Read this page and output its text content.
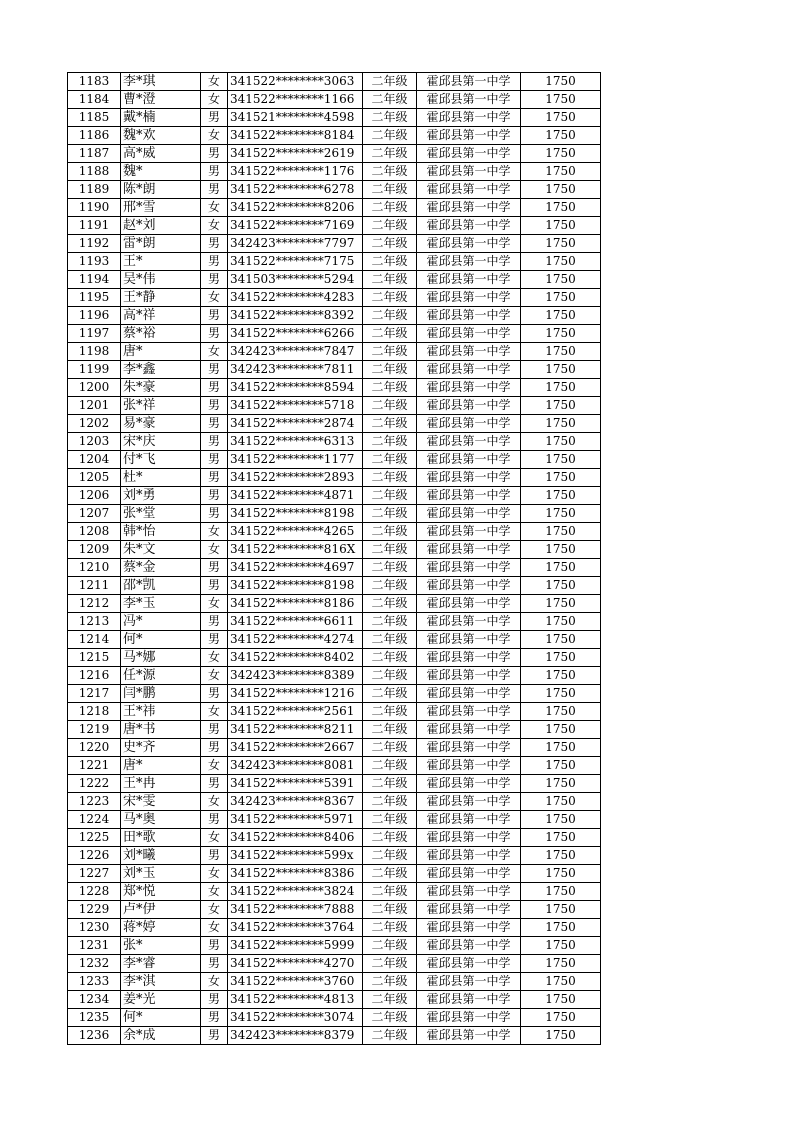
1183	李*琪	女	341522********3063	二年级	霍邱县第一中学	1750
1184	曹*澄	女	341522********1166	二年级	霍邱县第一中学	1750
1185	戴*楠	男	341521********4598	二年级	霍邱县第一中学	1750
1186	魏*欢	女	341522********8184	二年级	霍邱县第一中学	1750
1187	高*威	男	341522********2619	二年级	霍邱县第一中学	1750
1188	魏*	男	341522********1176	二年级	霍邱县第一中学	1750
1189	陈*朗	男	341522********6278	二年级	霍邱县第一中学	1750
1190	邢*雪	女	341522********8206	二年级	霍邱县第一中学	1750
1191	赵*刘	女	341522********7169	二年级	霍邱县第一中学	1750
1192	雷*朗	男	342423********7797	二年级	霍邱县第一中学	1750
1193	王*	男	341522********7175	二年级	霍邱县第一中学	1750
1194	吴*伟	男	341503********5294	二年级	霍邱县第一中学	1750
1195	王*静	女	341522********4283	二年级	霍邱县第一中学	1750
1196	高*祥	男	341522********8392	二年级	霍邱县第一中学	1750
1197	蔡*裕	男	341522********6266	二年级	霍邱县第一中学	1750
1198	唐*	女	342423********7847	二年级	霍邱县第一中学	1750
1199	李*鑫	男	342423********7811	二年级	霍邱县第一中学	1750
1200	朱*豪	男	341522********8594	二年级	霍邱县第一中学	1750
1201	张*祥	男	341522********5718	二年级	霍邱县第一中学	1750
1202	易*豪	男	341522********2874	二年级	霍邱县第一中学	1750
1203	宋*庆	男	341522********6313	二年级	霍邱县第一中学	1750
1204	付*飞	男	341522********1177	二年级	霍邱县第一中学	1750
1205	杜*	男	341522********2893	二年级	霍邱县第一中学	1750
1206	刘*勇	男	341522********4871	二年级	霍邱县第一中学	1750
1207	张*堂	男	341522********8198	二年级	霍邱县第一中学	1750
1208	韩*怡	女	341522********4265	二年级	霍邱县第一中学	1750
1209	朱*文	女	341522********816X	二年级	霍邱县第一中学	1750
1210	蔡*金	男	341522********4697	二年级	霍邱县第一中学	1750
1211	邵*凯	男	341522********8198	二年级	霍邱县第一中学	1750
1212	李*玉	女	341522********8186	二年级	霍邱县第一中学	1750
1213	冯*	男	341522********6611	二年级	霍邱县第一中学	1750
1214	何*	男	341522********4274	二年级	霍邱县第一中学	1750
1215	马*娜	女	341522********8402	二年级	霍邱县第一中学	1750
1216	任*源	女	342423********8389	二年级	霍邱县第一中学	1750
1217	闫*鹏	男	341522********1216	二年级	霍邱县第一中学	1750
1218	王*祎	女	341522********2561	二年级	霍邱县第一中学	1750
1219	唐*书	男	341522********8211	二年级	霍邱县第一中学	1750
1220	史*齐	男	341522********2667	二年级	霍邱县第一中学	1750
1221	唐*	女	342423********8081	二年级	霍邱县第一中学	1750
1222	王*冉	男	341522********5391	二年级	霍邱县第一中学	1750
1223	宋*雯	女	342423********8367	二年级	霍邱县第一中学	1750
1224	马*奥	男	341522********5971	二年级	霍邱县第一中学	1750
1225	田*歌	女	341522********8406	二年级	霍邱县第一中学	1750
1226	刘*曦	男	341522********599x	二年级	霍邱县第一中学	1750
1227	刘*玉	女	341522********8386	二年级	霍邱县第一中学	1750
1228	郑*悦	女	341522********3824	二年级	霍邱县第一中学	1750
1229	卢*伊	女	341522********7888	二年级	霍邱县第一中学	1750
1230	蒋*婷	女	341522********3764	二年级	霍邱县第一中学	1750
1231	张*	男	341522********5999	二年级	霍邱县第一中学	1750
1232	李*睿	男	341522********4270	二年级	霍邱县第一中学	1750
1233	李*淇	女	341522********3760	二年级	霍邱县第一中学	1750
1234	姜*光	男	341522********4813	二年级	霍邱县第一中学	1750
1235	何*	男	341522********3074	二年级	霍邱县第一中学	1750
1236	余*成	男	342423********8379	二年级	霍邱县第一中学	1750
